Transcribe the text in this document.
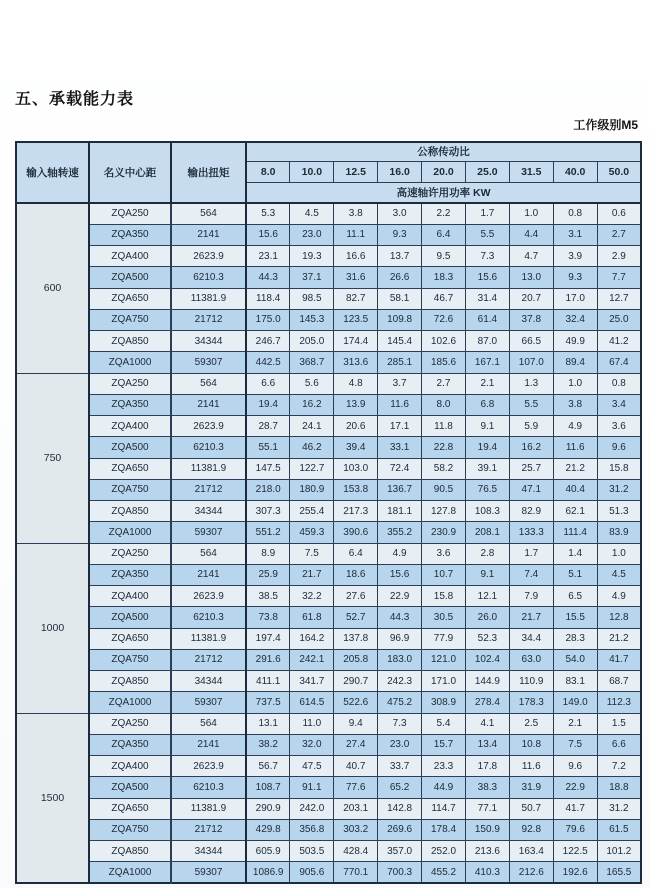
五、承载能力表
工作级别M5
输入轴转速	名义中心距	输出扭矩	公称传动比								
			8.0	10.0	12.5	16.0	20.0	25.0	31.5	40.0	50.0
			高速轴许用功率 KW								
600	ZQA250	564	5.3	4.5	3.8	3.0	2.2	1.7	1.0	0.8	0.6
	ZQA350	2141	15.6	23.0	11.1	9.3	6.4	5.5	4.4	3.1	2.7
	ZQA400	2623.9	23.1	19.3	16.6	13.7	9.5	7.3	4.7	3.9	2.9
	ZQA500	6210.3	44.3	37.1	31.6	26.6	18.3	15.6	13.0	9.3	7.7
	ZQA650	11381.9	118.4	98.5	82.7	58.1	46.7	31.4	20.7	17.0	12.7
	ZQA750	21712	175.0	145.3	123.5	109.8	72.6	61.4	37.8	32.4	25.0
	ZQA850	34344	246.7	205.0	174.4	145.4	102.6	87.0	66.5	49.9	41.2
	ZQA1000	59307	442.5	368.7	313.6	285.1	185.6	167.1	107.0	89.4	67.4
750	ZQA250	564	6.6	5.6	4.8	3.7	2.7	2.1	1.3	1.0	0.8
	ZQA350	2141	19.4	16.2	13.9	11.6	8.0	6.8	5.5	3.8	3.4
	ZQA400	2623.9	28.7	24.1	20.6	17.1	11.8	9.1	5.9	4.9	3.6
	ZQA500	6210.3	55.1	46.2	39.4	33.1	22.8	19.4	16.2	11.6	9.6
	ZQA650	11381.9	147.5	122.7	103.0	72.4	58.2	39.1	25.7	21.2	15.8
	ZQA750	21712	218.0	180.9	153.8	136.7	90.5	76.5	47.1	40.4	31.2
	ZQA850	34344	307.3	255.4	217.3	181.1	127.8	108.3	82.9	62.1	51.3
	ZQA1000	59307	551.2	459.3	390.6	355.2	230.9	208.1	133.3	111.4	83.9
1000	ZQA250	564	8.9	7.5	6.4	4.9	3.6	2.8	1.7	1.4	1.0
	ZQA350	2141	25.9	21.7	18.6	15.6	10.7	9.1	7.4	5.1	4.5
	ZQA400	2623.9	38.5	32.2	27.6	22.9	15.8	12.1	7.9	6.5	4.9
	ZQA500	6210.3	73.8	61.8	52.7	44.3	30.5	26.0	21.7	15.5	12.8
	ZQA650	11381.9	197.4	164.2	137.8	96.9	77.9	52.3	34.4	28.3	21.2
	ZQA750	21712	291.6	242.1	205.8	183.0	121.0	102.4	63.0	54.0	41.7
	ZQA850	34344	411.1	341.7	290.7	242.3	171.0	144.9	110.9	83.1	68.7
	ZQA1000	59307	737.5	614.5	522.6	475.2	308.9	278.4	178.3	149.0	112.3
1500	ZQA250	564	13.1	11.0	9.4	7.3	5.4	4.1	2.5	2.1	1.5
	ZQA350	2141	38.2	32.0	27.4	23.0	15.7	13.4	10.8	7.5	6.6
	ZQA400	2623.9	56.7	47.5	40.7	33.7	23.3	17.8	11.6	9.6	7.2
	ZQA500	6210.3	108.7	91.1	77.6	65.2	44.9	38.3	31.9	22.9	18.8
	ZQA650	11381.9	290.9	242.0	203.1	142.8	114.7	77.1	50.7	41.7	31.2
	ZQA750	21712	429.8	356.8	303.2	269.6	178.4	150.9	92.8	79.6	61.5
	ZQA850	34344	605.9	503.5	428.4	357.0	252.0	213.6	163.4	122.5	101.2
	ZQA1000	59307	1086.9	905.6	770.1	700.3	455.2	410.3	212.6	192.6	165.5
